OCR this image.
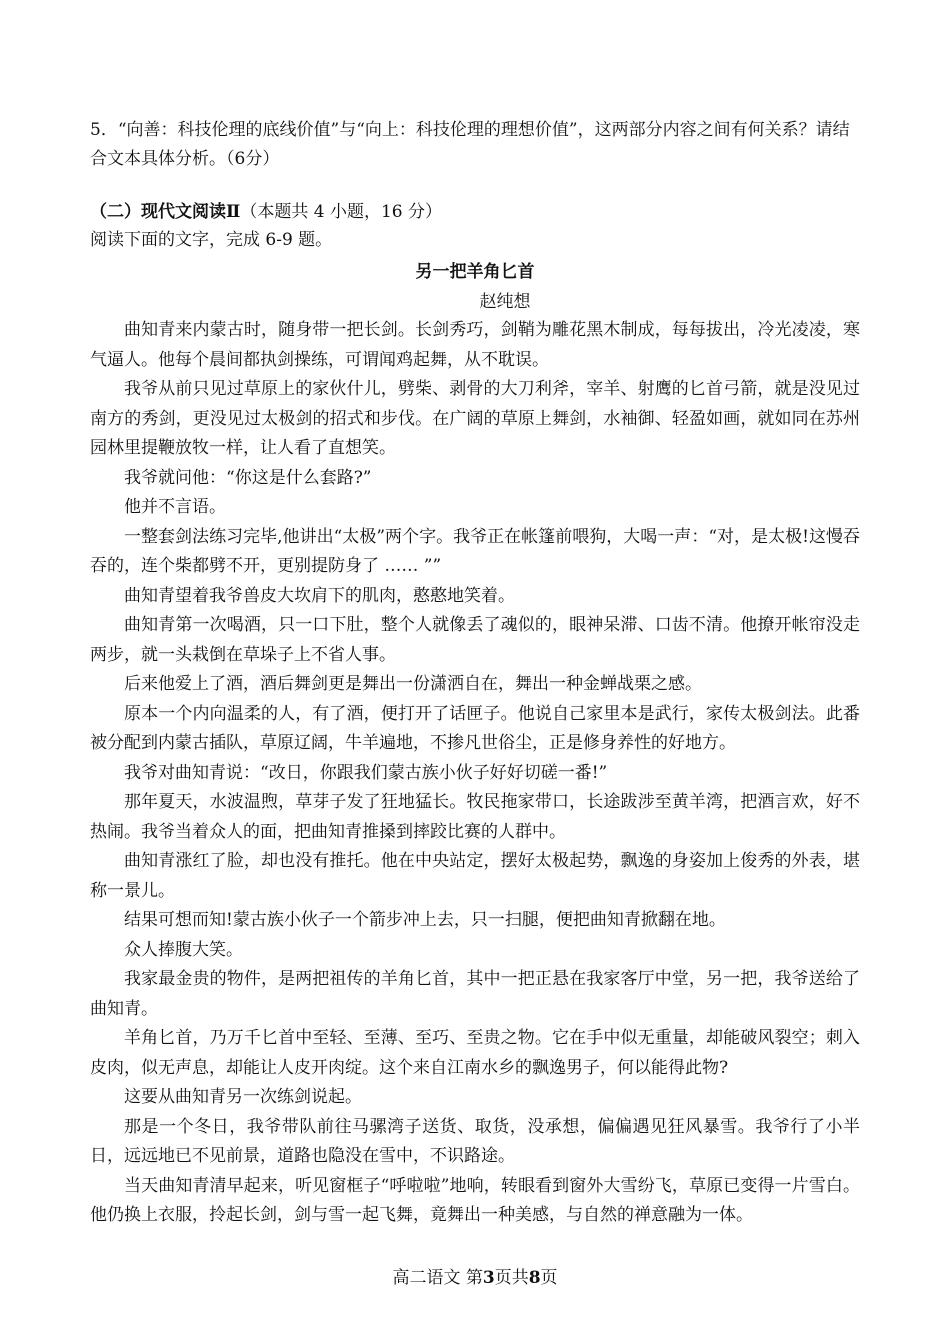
5．“向善：科技伦理的底线价值”与“向上：科技伦理的理想价值”，这两部分内容之间有何关系？请结合文本具体分析。（6分）

（二）现代文阅读Ⅱ（本题共 4 小题，16 分）

阅读下面的文字，完成 6-9 题。

另一把羊角匕首

赵纯想

曲知青来内蒙古时，随身带一把长剑。长剑秀巧，剑鞘为雕花黑木制成，每每拔出，冷光凌凌，寒气逼人。他每个晨间都执剑操练，可谓闻鸡起舞，从不耽误。

我爷从前只见过草原上的家伙什儿，劈柴、剥骨的大刀利斧，宰羊、射鹰的匕首弓箭，就是没见过南方的秀剑，更没见过太极剑的招式和步伐。在广阔的草原上舞剑，水袖御、轻盈如画，就如同在苏州园林里提鞭放牧一样，让人看了直想笑。

我爷就问他：“你这是什么套路?”

他并不言语。

一整套剑法练习完毕,他讲出“太极”两个字。我爷正在帐篷前喂狗，大喝一声：“对，是太极!这慢吞吞的，连个柴都劈不开，更别提防身了 …… ””

曲知青望着我爷兽皮大坎肩下的肌肉，憨憨地笑着。

曲知青第一次喝酒，只一口下肚，整个人就像丢了魂似的，眼神呆滞、口齿不清。他撩开帐帘没走两步，就一头栽倒在草垛子上不省人事。

后来他爱上了酒，酒后舞剑更是舞出一份潇洒自在，舞出一种金蝉战栗之感。

原本一个内向温柔的人，有了酒，便打开了话匣子。他说自己家里本是武行，家传太极剑法。此番被分配到内蒙古插队，草原辽阔，牛羊遍地，不掺凡世俗尘，正是修身养性的好地方。

我爷对曲知青说：“改日，你跟我们蒙古族小伙子好好切磋一番!”

那年夏天，水波温煦，草芽子发了狂地猛长。牧民拖家带口，长途跋涉至黄羊湾，把酒言欢，好不热闹。我爷当着众人的面，把曲知青推搡到摔跤比赛的人群中。

曲知青涨红了脸，却也没有推托。他在中央站定，摆好太极起势，飘逸的身姿加上俊秀的外表，堪称一景儿。

结果可想而知!蒙古族小伙子一个箭步冲上去，只一扫腿，便把曲知青掀翻在地。

众人捧腹大笑。

我家最金贵的物件，是两把祖传的羊角匕首，其中一把正悬在我家客厅中堂，另一把，我爷送给了曲知青。

羊角匕首，乃万千匕首中至轻、至薄、至巧、至贵之物。它在手中似无重量，却能破风裂空；刺入皮肉，似无声息，却能让人皮开肉绽。这个来自江南水乡的飘逸男子，何以能得此物?

这要从曲知青另一次练剑说起。

那是一个冬日，我爷带队前往马骡湾子送货、取货，没承想，偏偏遇见狂风暴雪。我爷行了小半日，远远地已不见前景，道路也隐没在雪中，不识路途。

当天曲知青清早起来，听见窗框子“呼啦啦”地响，转眼看到窗外大雪纷飞，草原已变得一片雪白。他仍换上衣服，拎起长剑，剑与雪一起飞舞，竟舞出一种美感，与自然的禅意融为一体。

高二语文 第3页共8页
